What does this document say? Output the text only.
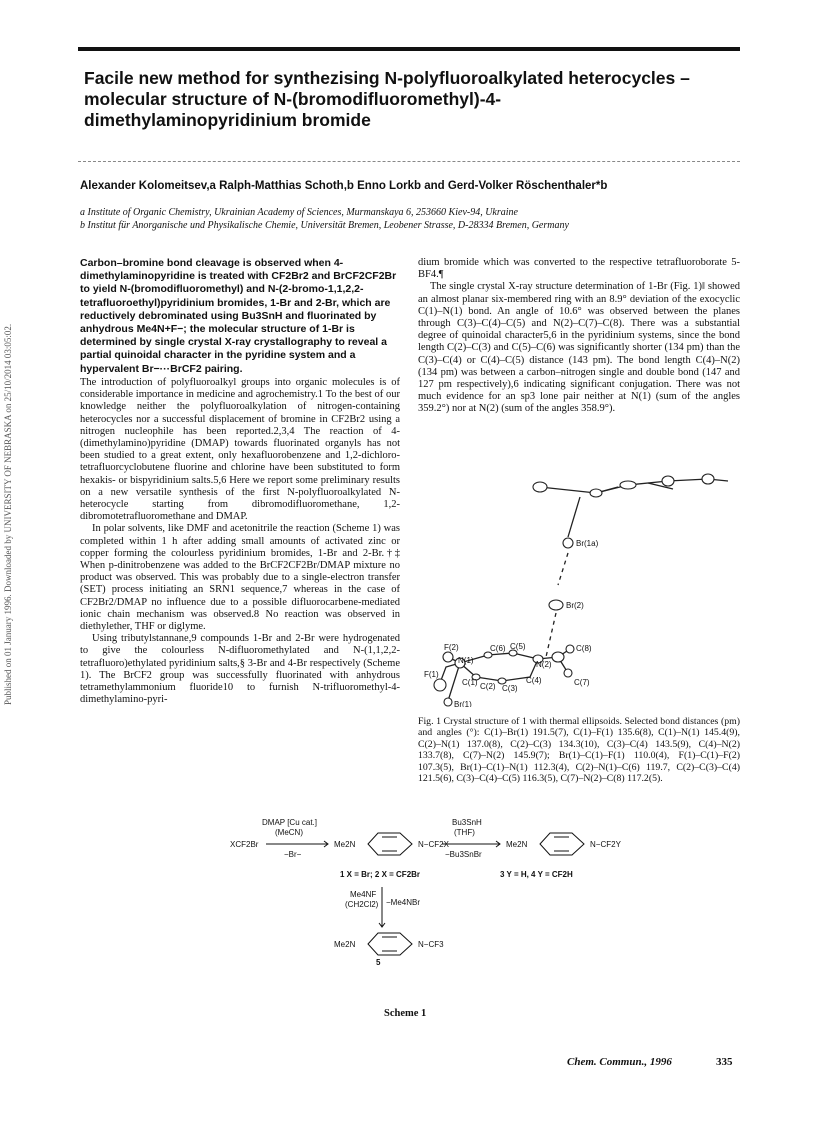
Published on 01 January 1996. Downloaded by UNIVERSITY OF NEBRASKA on 25/10/2014 03:05:02.
Facile new method for synthezising N-polyfluoroalkylated heterocycles – molecular structure of N-(bromodifluoromethyl)-4-dimethylaminopyridinium bromide
Alexander Kolomeitsev,a Ralph-Matthias Schoth,b Enno Lorkb and Gerd-Volker Röschenthaler*b
a Institute of Organic Chemistry, Ukrainian Academy of Sciences, Murmanskaya 6, 253660 Kiev-94, Ukraine
b Institut für Anorganische und Physikalische Chemie, Universität Bremen, Leobener Strasse, D-28334 Bremen, Germany
Carbon–bromine bond cleavage is observed when 4-dimethylaminopyridine is treated with CF2Br2 and BrCF2CF2Br to yield N-(bromodifluoromethyl) and N-(2-bromo-1,1,2,2-tetrafluoroethyl)pyridinium bromides, 1-Br and 2-Br, which are reductively debrominated using Bu3SnH and fluorinated by anhydrous Me4N+F−; the molecular structure of 1-Br is determined by single crystal X-ray crystallography to reveal a partial quinoidal character in the pyridine system and a hypervalent Br−···BrCF2 pairing.

The introduction of polyfluoroalkyl groups into organic molecules is of considerable importance in medicine and agrochemistry.1 To the best of our knowledge neither the polyfluoroalkylation of nitrogen-containing heterocycles nor a successful displacement of bromine in CF2Br2 using a nitrogen nucleophile has been reported.2,3,4 The reaction of 4-(dimethylamino)pyridine (DMAP) towards fluorinated organyls has not been studied to a great extent, only hexafluorobenzene and 1,2-dichloro-tetrafluorcyclobutene fluorine and chlorine have been substituted to form hexakis- or bispyridinium salts.5,6 Here we report some preliminary results on a new versatile synthesis of the first N-polyfluoroalkylated N-heterocycle starting from dibromodifluoromethane, 1,2-dibromotetrafluoromethane and DMAP.

In polar solvents, like DMF and acetonitrile the reaction (Scheme 1) was completed within 1 h after adding small amounts of activated zinc or copper forming the colourless pyridinium bromides, 1-Br and 2-Br.†‡ When p-dinitrobenzene was added to the BrCF2CF2Br/DMAP mixture no product was observed. This was probably due to a single-electron transfer (SET) process initiating an SRN1 sequence,7 whereas in the case of CF2Br2/DMAP no influence due to a possible difluorocarbene-mediated ionic chain mechanism was observed.8 No reaction was observed in diethylether, THF or diglyme.

Using tributylstannane,9 compounds 1-Br and 2-Br were hydrogenated to give the colourless N-difluoromethylated and N-(1,1,2,2-tetrafluoro)ethylated pyridinium salts,§ 3-Br and 4-Br respectively (Scheme 1). The BrCF2 group was successfully fluorinated with anhydrous tetramethylammonium fluoride10 to furnish N-trifluoromethyl-4-dimethylamino-pyri-

dium bromide which was converted to the respective tetrafluoroborate 5-BF4.¶

The single crystal X-ray structure determination of 1-Br (Fig. 1)‖ showed an almost planar six-membered ring with an 8.9° deviation of the exocyclic C(1)–N(1) bond. An angle of 10.6° was observed between the planes through C(3)–C(4)–C(5) and N(2)–C(7)–C(8). There was a substantial degree of quinoidal character5,6 in the pyridinium systems, since the bond length C(2)–C(3) and C(5)–C(6) was significantly shorter (134 pm) than the C(3)–C(4) or C(4)–C(5) distance (143 pm). The bond length C(4)–N(2) (134 pm) was between a carbon–nitrogen single and double bond (147 and 127 pm respectively),6 indicating significant conjugation. There was not much evidence for an sp3 lone pair neither at N(1) (sum of the angles 359.2°) nor at N(2) (sum of the angles 358.9°).

Br(1a)
Br(2)
F(2)
N(1)
C(6) C(5)
N(2)
C(8)
F(1)
C(1) C(2) C(3)
C(4)	C(7)
Br(1)
Fig. 1 Crystal structure of 1 with thermal ellipsoids. Selected bond distances (pm) and angles (°): C(1)–Br(1) 191.5(7), C(1)–F(1) 135.6(8), C(1)–N(1) 145.4(9), C(2)–N(1) 137.0(8), C(2)–C(3) 134.3(10), C(3)–C(4) 143.5(9), C(4)–N(2) 133.7(8), C(7)–N(2) 145.9(7); Br(1)–C(1)–F(1) 110.0(4), F(1)–C(1)–F(2) 107.3(5), Br(1)–C(1)–N(1) 112.3(4), C(2)–N(1)–C(6) 119.7, C(2)–C(3)–C(4) 121.5(6), C(3)–C(4)–C(5) 116.3(5), C(7)–N(2)–C(8) 117.2(5).
XCF2Br
DMAP [Cu cat.]
(MeCN)
−Br−
Me2N	N−CF2X
Bu3SnH
(THF)
−Bu3SnBr
Me2N	N−CF2Y
1 X = Br; 2 X = CF2Br	3 Y = H, 4 Y = CF2H
Me4NF
(CH2Cl2) −Me4NBr
Me2N	N−CF3
5
Scheme 1
Chem. Commun., 1996	335
